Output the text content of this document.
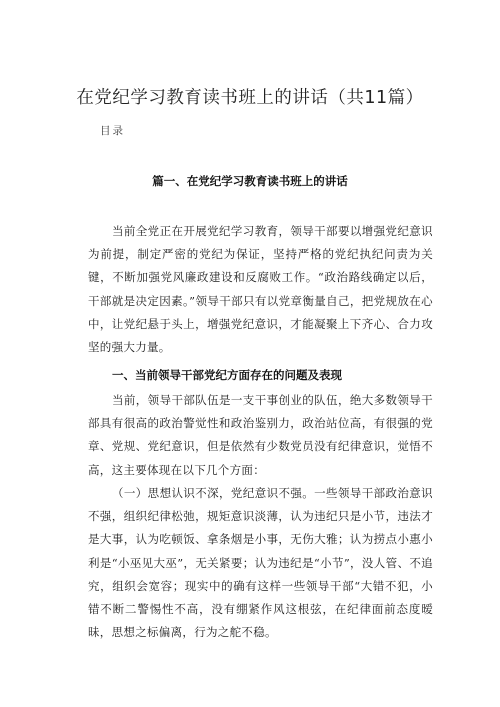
在党纪学习教育读书班上的讲话（共11篇）
目录
篇一、在党纪学习教育读书班上的讲话
当前全党正在开展党纪学习教育，领导干部要以增强党纪意识为前提，制定严密的党纪为保证，坚持严格的党纪执纪问责为关键，不断加强党风廉政建设和反腐败工作。“政治路线确定以后，干部就是决定因素。”领导干部只有以党章衡量自己，把党规放在心中，让党纪悬于头上，增强党纪意识，才能凝聚上下齐心、合力攻坚的强大力量。
一、当前领导干部党纪方面存在的问题及表现
当前，领导干部队伍是一支干事创业的队伍，绝大多数领导干部具有很高的政治警觉性和政治鉴别力，政治站位高，有很强的党章、党规、党纪意识，但是依然有少数党员没有纪律意识，觉悟不高，这主要体现在以下几个方面：
（一）思想认识不深，党纪意识不强。一些领导干部政治意识不强，组织纪律松弛，规矩意识淡薄，认为违纪只是小节，违法才是大事，认为吃顿饭、拿条烟是小事，无伤大雅；认为捞点小惠小利是“小巫见大巫”，无关紧要；认为违纪是“小节”，没人管、不追究，组织会宽容；现实中的确有这样一些领导干部“大错不犯，小错不断二警惕性不高，没有绷紧作风这根弦，在纪律面前态度暧昧，思想之标偏离，行为之舵不稳。
